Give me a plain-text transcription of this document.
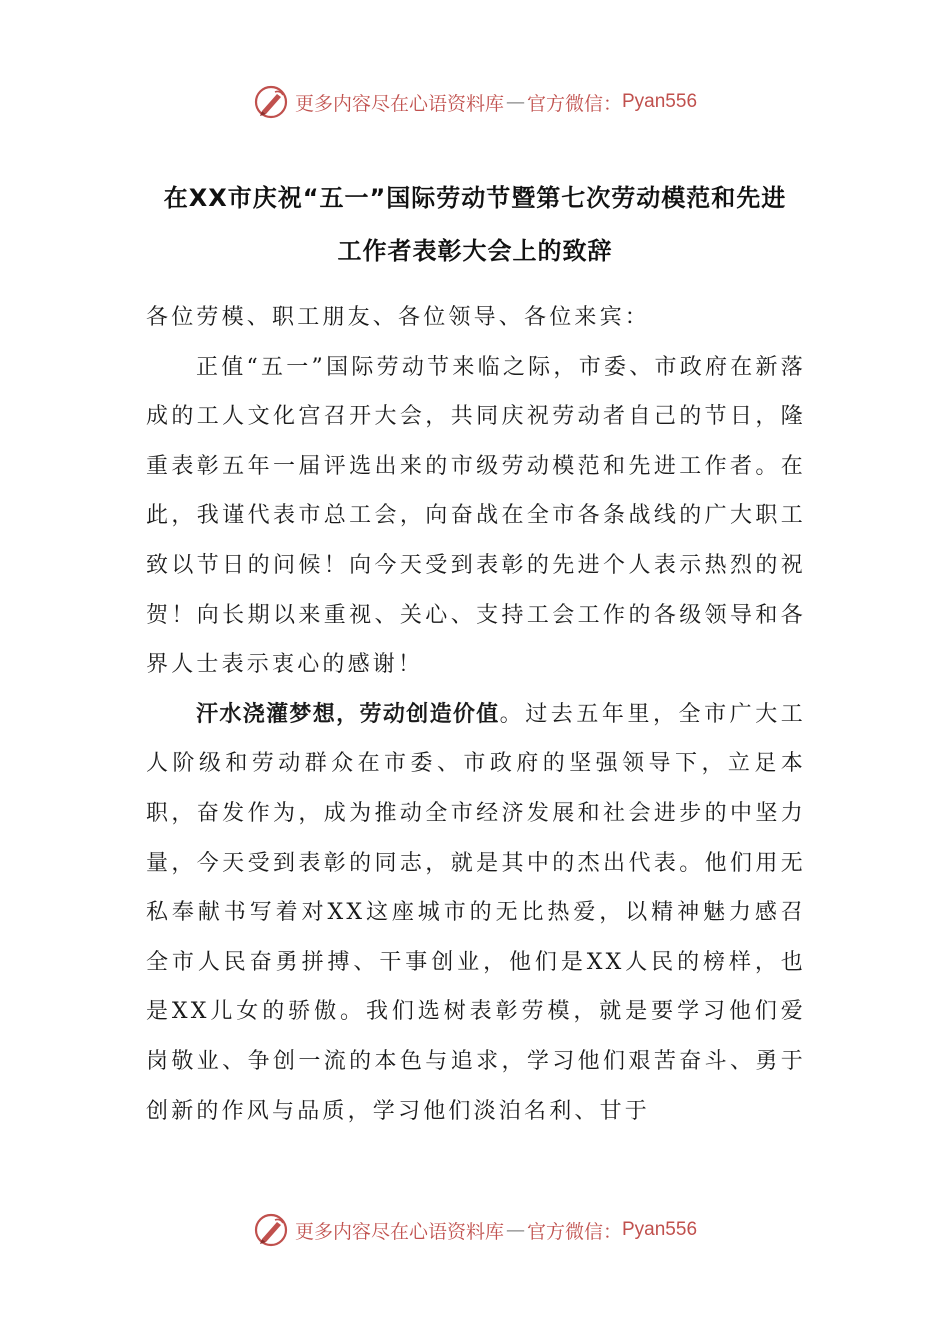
更多内容尽在心语资料库 — 官方微信： Pyan556
在XX市庆祝“五一”国际劳动节暨第七次劳动模范和先进
工作者表彰大会上的致辞

各位劳模、职工朋友、各位领导、各位来宾：

正值“五一”国际劳动节来临之际，市委、市政府在新落成的工人文化宫召开大会，共同庆祝劳动者自己的节日，隆重表彰五年一届评选出来的市级劳动模范和先进工作者。在此，我谨代表市总工会，向奋战在全市各条战线的广大职工致以节日的问候！向今天受到表彰的先进个人表示热烈的祝贺！向长期以来重视、关心、支持工会工作的各级领导和各界人士表示衷心的感谢！

汗水浇灌梦想，劳动创造价值。过去五年里，全市广大工人阶级和劳动群众在市委、市政府的坚强领导下，立足本职，奋发作为，成为推动全市经济发展和社会进步的中坚力量，今天受到表彰的同志，就是其中的杰出代表。他们用无私奉献书写着对XX这座城市的无比热爱，以精神魅力感召全市人民奋勇拼搏、干事创业，他们是XX人民的榜样，也是XX儿女的骄傲。我们选树表彰劳模，就是要学习他们爱岗敬业、争创一流的本色与追求，学习他们艰苦奋斗、勇于创新的作风与品质，学习他们淡泊名利、甘于

更多内容尽在心语资料库 — 官方微信： Pyan556
